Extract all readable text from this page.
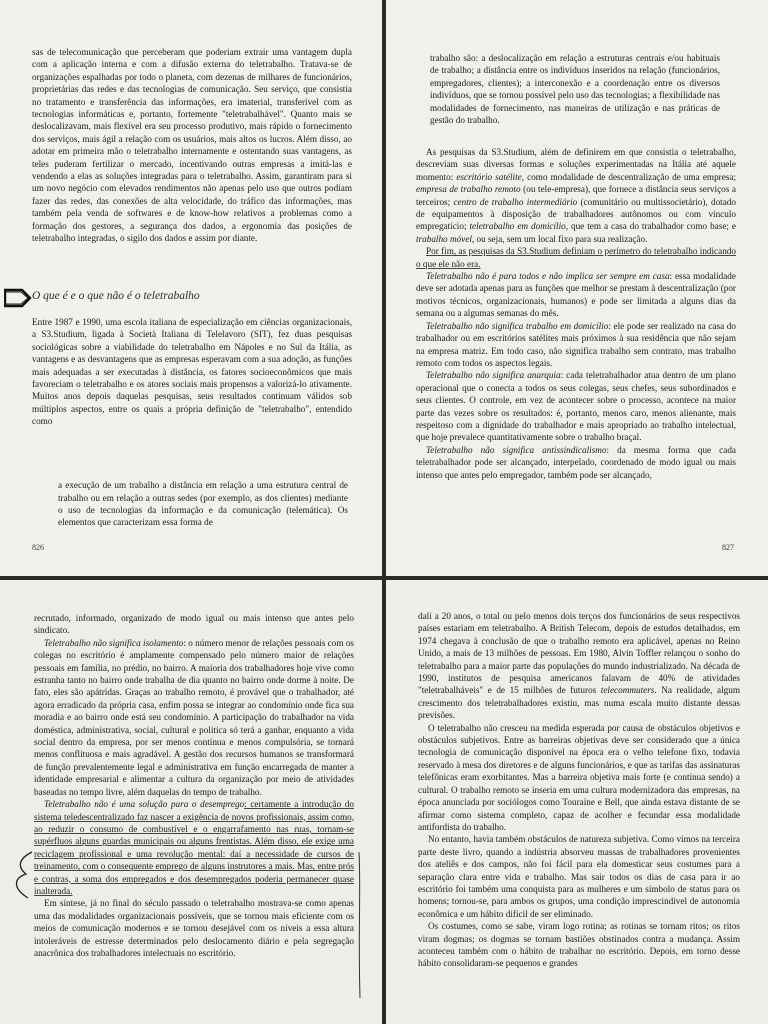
sas de telecomunicação que perceberam que poderiam extrair uma vantagem dupla com a aplicação interna e com a difusão externa do teletrabalho. Tratava-se de organizações espalhadas por todo o planeta, com dezenas de milhares de funcionários, proprietárias das redes e das tecnologias de comunicação. Seu serviço, que consistia no tratamento e transferência das informações, era imaterial, transferível com as tecnologias informáticas e, portanto, fortemente "teletrabalhável". Quanto mais se deslocalizavam, mais flexível era seu processo produtivo, mais rápido o fornecimento dos serviços, mais ágil a relação com os usuários, mais altos os lucros. Além disso, ao adotar em primeira mão o teletrabalho internamente e ostentando suas vantagens, as teles puderam fertilizar o mercado, incentivando outras empresas a imitá-las e vendendo a elas as soluções integradas para o teletrabalho. Assim, garantiram para si um novo negócio com elevados rendimentos não apenas pelo uso que outros podiam fazer das redes, das conexões de alta velocidade, do tráfico das informações, mas também pela venda de softwares e de know-how relativos a problemas como a formação dos gestores, a segurança dos dados, a ergonomia das posições de teletrabalho integradas, o sigilo dos dados e assim por diante.

O que é e o que não é o teletrabalho

Entre 1987 e 1990, uma escola italiana de especialização em ciências organizacionais, a S3.Studium, ligada à Società Italiana di Telelavoro (SIT), fez duas pesquisas sociológicas sobre a viabilidade do teletrabalho em Nápoles e no Sul da Itália, as vantagens e as desvantagens que as empresas esperavam com a sua adoção, as funções mais adequadas a ser executadas à distância, os fatores socioeconômicos que mais favoreciam o teletrabalho e os atores sociais mais propensos a valorizá-lo ativamente. Muitos anos depois daquelas pesquisas, seus resultados continuam válidos sob múltiplos aspectos, entre os quais a própria definição de "teletrabalho", entendido como

a execução de um trabalho a distância em relação a uma estrutura central de trabalho ou em relação a outras sedes (por exemplo, as dos clientes) mediante o uso de tecnologias da informação e da comunicação (telemática). Os elementos que caracterizam essa forma de

826

trabalho são: a deslocalização em relação a estruturas centrais e/ou habituais de trabalho; a distância entre os indivíduos inseridos na relação (funcionários, empregadores, clientes); a interconexão e a coordenação entre os diversos indivíduos, que se tornou possível pelo uso das tecnologias; a flexibilidade nas modalidades de fornecimento, nas maneiras de utilização e nas práticas de gestão do trabalho.

As pesquisas da S3.Studium, além de definirem em que consistia o teletrabalho, descreviam suas diversas formas e soluções experimentadas na Itália até aquele momento: escritório satélite, como modalidade de descentralização de uma empresa; empresa de trabalho remoto (ou tele-empresa), que fornece a distância seus serviços a terceiros; centro de trabalho intermediário (comunitário ou multissocietário), dotado de equipamentos à disposição de trabalhadores autônomos ou com vínculo empregatício; teletrabalho em domicílio, que tem a casa do trabalhador como base; e trabalho móvel, ou seja, sem um local fixo para sua realização.

Por fim, as pesquisas da S3.Studium definiam o perímetro do teletrabalho indicando o que ele não era.

Teletrabalho não é para todos e não implica ser sempre em casa: essa modalidade deve ser adotada apenas para as funções que melhor se prestam à descentralização (por motivos técnicos, organizacionais, humanos) e pode ser limitada a alguns dias da semana ou a algumas semanas do mês.

Teletrabalho não significa trabalho em domicílio: ele pode ser realizado na casa do trabalhador ou em escritórios satélites mais próximos à sua residência que não sejam na empresa matriz. Em todo caso, não significa trabalho sem contrato, mas trabalho remoto com todos os aspectos legais.

Teletrabalho não significa anarquia: cada teletrabalhador atua dentro de um plano operacional que o conecta a todos os seus colegas, seus chefes, seus subordinados e seus clientes. O controle, em vez de acontecer sobre o processo, acontece na maior parte das vezes sobre os resultados: é, portanto, menos caro, menos alienante, mais respeitoso com a dignidade do trabalhador e mais apropriado ao trabalho intelectual, que hoje prevalece quantitativamente sobre o trabalho braçal.

Teletrabalho não significa antissindicalismo: da mesma forma que cada teletrabalhador pode ser alcançado, interpelado, coordenado de modo igual ou mais intenso que antes pelo empregador, também pode ser alcançado,

827

recrutado, informado, organizado de modo igual ou mais intenso que antes pelo sindicato.

Teletrabalho não significa isolamento: o número menor de relações pessoais com os colegas no escritório é amplamente compensado pelo número maior de relações pessoais em família, no prédio, no bairro. A maioria dos trabalhadores hoje vive como estranha tanto no bairro onde trabalha de dia quanto no bairro onde dorme à noite. De fato, eles são apátridas. Graças ao trabalho remoto, é provável que o trabalhador, até agora erradicado da própria casa, enfim possa se integrar ao condomínio onde fica sua moradia e ao bairro onde está seu condomínio. A participação do trabalhador na vida doméstica, administrativa, social, cultural e política só terá a ganhar, enquanto a vida social dentro da empresa, por ser menos contínua e menos compulsória, se tornará menos conflituosa e mais agradável. A gestão dos recursos humanos se transformará de função prevalentemente legal e administrativa em função encarregada de manter a identidade empresarial e alimentar a cultura da organização por meio de atividades baseadas no tempo livre, além daquelas do tempo de trabalho.

Teletrabalho não é uma solução para o desemprego: certamente a introdução do sistema teledescentralizado faz nascer a exigência de novos profissionais, assim como, ao reduzir o consumo de combustível e o engarrafamento nas ruas, tornam-se supérfluos alguns guardas municipais ou alguns frentistas. Além disso, ele exige uma reciclagem profissional e uma revolução mental: daí a necessidade de cursos de treinamento, com o consequente emprego de alguns instrutores a mais. Mas, entre prós e contras, a soma dos empregados e dos desempregados poderia permanecer quase inalterada.

Em síntese, já no final do século passado o teletrabalho mostrava-se como apenas uma das modalidades organizacionais possíveis, que se tornou mais eficiente com os meios de comunicação modernos e se tornou desejável com os níveis a essa altura intoleráveis de estresse determinados pelo deslocamento diário e pela segregação anacrônica dos trabalhadores intelectuais no escritório.

dali a 20 anos, o total ou pelo menos dois terços dos funcionários de seus respectivos países estariam em teletrabalho. A British Telecom, depois de estudos detalhados, em 1974 chegava à conclusão de que o trabalho remoto era aplicável, apenas no Reino Unido, a mais de 13 milhões de pessoas. Em 1980, Alvin Toffler relançou o sonho do teletrabalho para a maior parte das populações do mundo industrializado. Na década de 1990, institutos de pesquisa americanos falavam de 40% de atividades "teletrabalháveis" e de 15 milhões de futuros telecommuters. Na realidade, algum crescimento dos teletrabalhadores existiu, mas numa escala muito distante dessas previsões.

O teletrabalho não cresceu na medida esperada por causa de obstáculos objetivos e obstáculos subjetivos. Entre as barreiras objetivas deve ser considerado que a única tecnologia de comunicação disponível na época era o velho telefone fixo, todavia reservado à mesa dos diretores e de alguns funcionários, e que as tarifas das assinaturas telefônicas eram exorbitantes. Mas a barreira objetiva mais forte (e contínua sendo) a cultural. O trabalho remoto se inseria em uma cultura modernizadora das empresas, na época anunciada por sociólogos como Touraine e Bell, que ainda estava distante de se afirmar como sistema completo, capaz de acolher e fecundar essa modalidade antifordista do trabalho.

No entanto, havia também obstáculos de natureza subjetiva. Como vimos na terceira parte deste livro, quando a indústria absorveu massas de trabalhadores provenientes dos ateliês e dos campos, não foi fácil para ela domesticar seus costumes para a separação clara entre vida e trabalho. Mas sair todos os dias de casa para ir ao escritório foi também uma conquista para as mulheres e um símbolo de status para os homens; tornou-se, para ambos os grupos, uma condição imprescindível de autonomia econômica e um hábito difícil de ser eliminado.

Os costumes, como se sabe, viram logo rotina; as rotinas se tornam ritos; os ritos viram dogmas; os dogmas se tornam bastiões obstinados contra a mudança. Assim aconteceu também com o hábito de trabalhar no escritório. Depois, em torno desse hábito consolidaram-se pequenos e grandes
